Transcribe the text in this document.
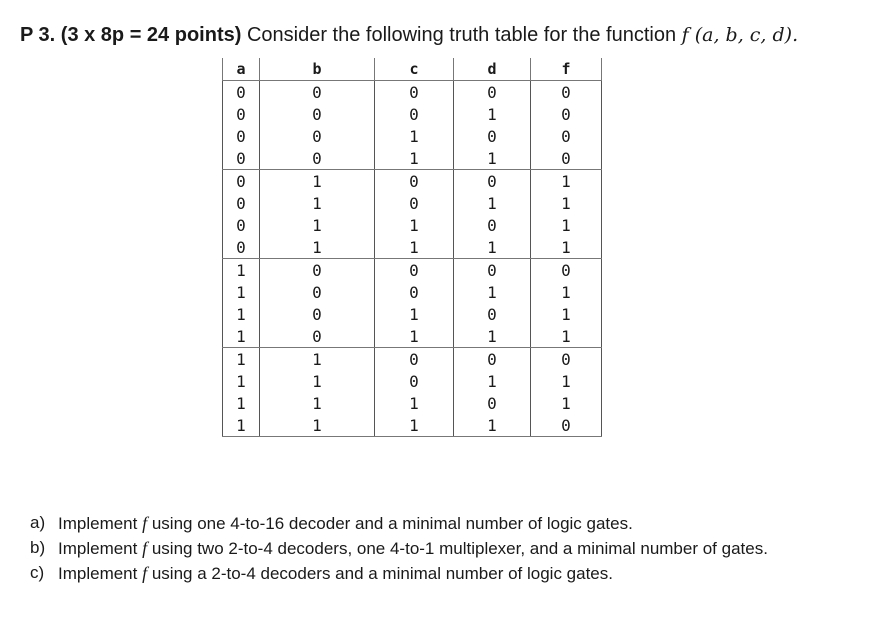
P 3. (3 x 8p = 24 points) Consider the following truth table for the function f (a, b, c, d).

a	b	c	d	f
0	0	0	0	0
0	0	0	1	0
0	0	1	0	0
0	0	1	1	0
0	1	0	0	1
0	1	0	1	1
0	1	1	0	1
0	1	1	1	1
1	0	0	0	0
1	0	0	1	1
1	0	1	0	1
1	0	1	1	1
1	1	0	0	0
1	1	0	1	1
1	1	1	0	1
1	1	1	1	0
a) Implement f using one 4-to-16 decoder and a minimal number of logic gates.
b) Implement f using two 2-to-4 decoders, one 4-to-1 multiplexer, and a minimal number of gates.
c) Implement f using a 2-to-4 decoders and a minimal number of logic gates.
